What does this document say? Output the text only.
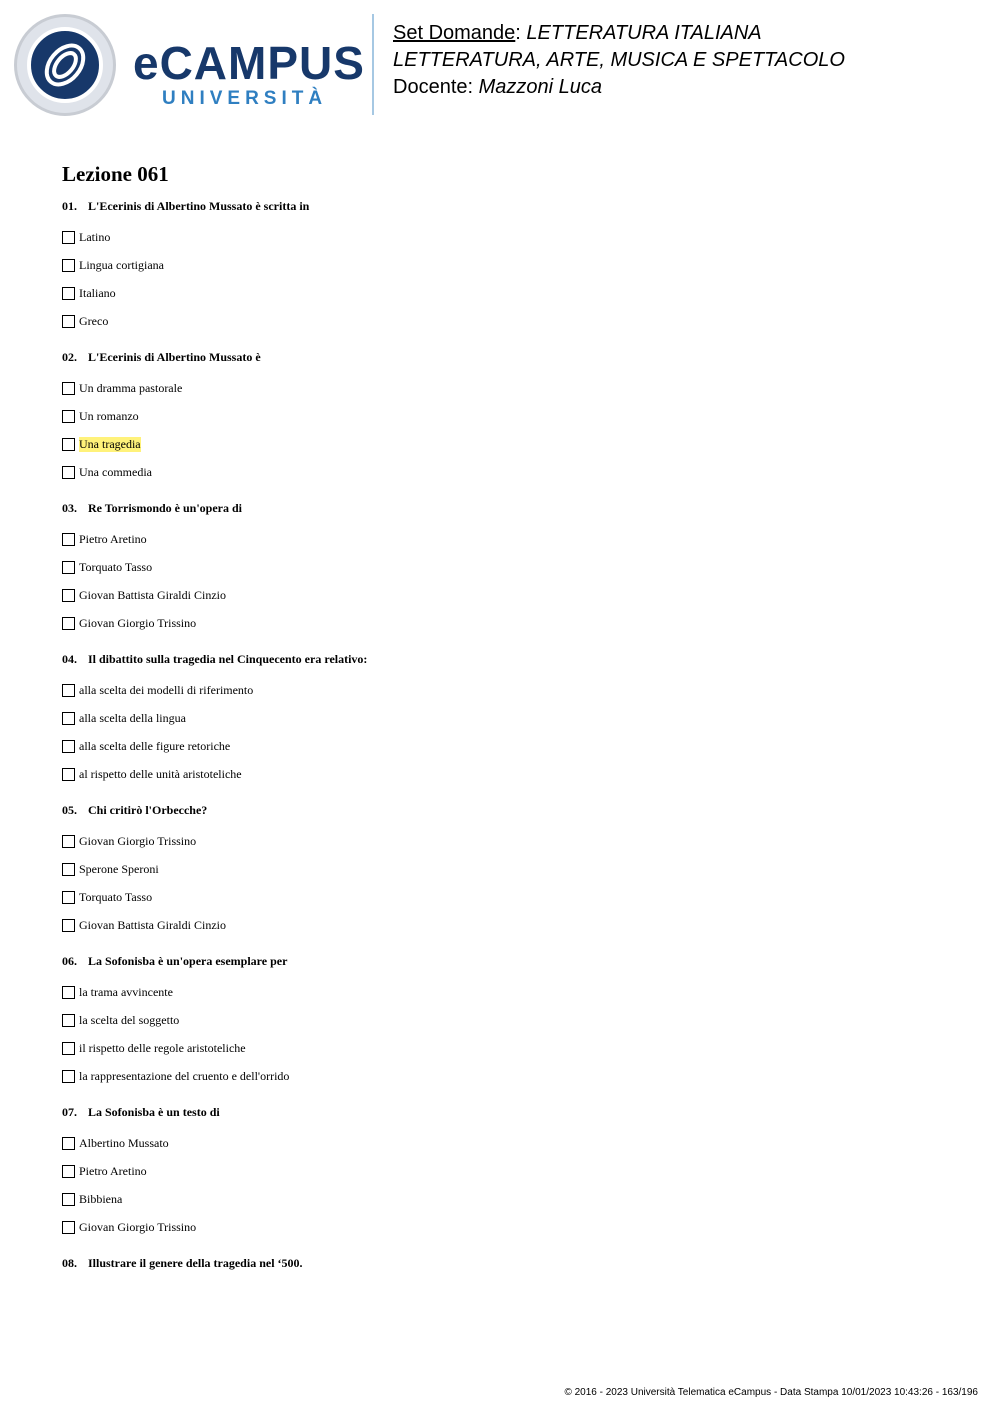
eCAMPUS
UNIVERSITÀ
Set Domande: LETTERATURA ITALIANA
LETTERATURA, ARTE, MUSICA E SPETTACOLO
Docente: Mazzoni Luca
Lezione 061
01. L'Ecerinis di Albertino Mussato è scritta in
Latino
Lingua cortigiana
Italiano
Greco
02. L'Ecerinis di Albertino Mussato è
Un dramma pastorale
Un romanzo
Una tragedia
Una commedia
03. Re Torrismondo è un'opera di
Pietro Aretino
Torquato Tasso
Giovan Battista Giraldi Cinzio
Giovan Giorgio Trissino
04. Il dibattito sulla tragedia nel Cinquecento era relativo:
alla scelta dei modelli di riferimento
alla scelta della lingua
alla scelta delle figure retoriche
al rispetto delle unità aristoteliche
05. Chi critirò l'Orbecche?
Giovan Giorgio Trissino
Sperone Speroni
Torquato Tasso
Giovan Battista Giraldi Cinzio
06. La Sofonisba è un'opera esemplare per
la trama avvincente
la scelta del soggetto
il rispetto delle regole aristoteliche
la rappresentazione del cruento e dell'orrido
07. La Sofonisba è un testo di
Albertino Mussato
Pietro Aretino
Bibbiena
Giovan Giorgio Trissino
08. Illustrare il genere della tragedia nel ‘500.
© 2016 - 2023 Università Telematica eCampus - Data Stampa 10/01/2023 10:43:26 - 163/196
